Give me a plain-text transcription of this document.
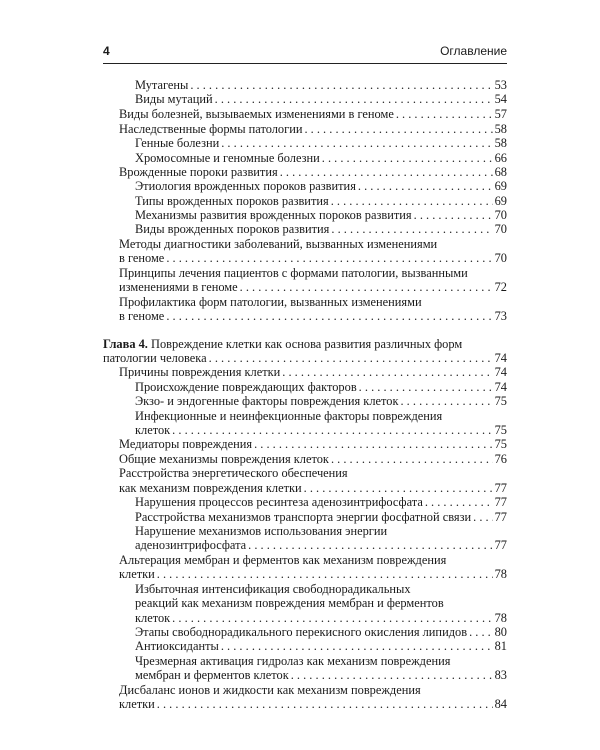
4	Оглавление
Мутагены . . .	53
Виды мутаций . . .	54
Виды болезней, вызываемых изменениями в геноме . . .	57
Наследственные формы патологии . . .	58
Генные болезни . . .	58
Хромосомные и геномные болезни . . .	66
Врожденные пороки развития . . .	68
Этиология врожденных пороков развития . . .	69
Типы врожденных пороков развития . . .	69
Механизмы развития врожденных пороков развития . . .	70
Виды врожденных пороков развития . . .	70
Методы диагностики заболеваний, вызванных изменениями
в геноме . . .	70
Принципы лечения пациентов с формами патологии, вызванными
изменениями в геноме . . .	72
Профилактика форм патологии, вызванных изменениями
в геноме . . .	73
Глава 4. Повреждение клетки как основа развития различных форм
патологии человека . . .	74
Причины повреждения клетки . . .	74
Происхождение повреждающих факторов . . .	74
Экзо- и эндогенные факторы повреждения клеток . . .	75
Инфекционные и неинфекционные факторы повреждения
клеток . . .	75
Медиаторы повреждения . . .	75
Общие механизмы повреждения клеток . . .	76
Расстройства энергетического обеспечения
как механизм повреждения клетки . . .	77
Нарушения процессов ресинтеза аденозинтрифосфата . . .	77
Расстройства механизмов транспорта энергии фосфатной связи . . . 77
Нарушение механизмов использования энергии
аденозинтрифосфата . . .	77
Альтерация мембран и ферментов как механизм повреждения
клетки . . .	78
Избыточная интенсификация свободнорадикальных
реакций как механизм повреждения мембран и ферментов
клеток . . .	78
Этапы свободнорадикального перекисного окисления липидов . . . 80
Антиоксиданты . . .	81
Чрезмерная активация гидролаз как механизм повреждения
мембран и ферментов клеток . . .	83
Дисбаланс ионов и жидкости как механизм повреждения
клетки . . .	84
